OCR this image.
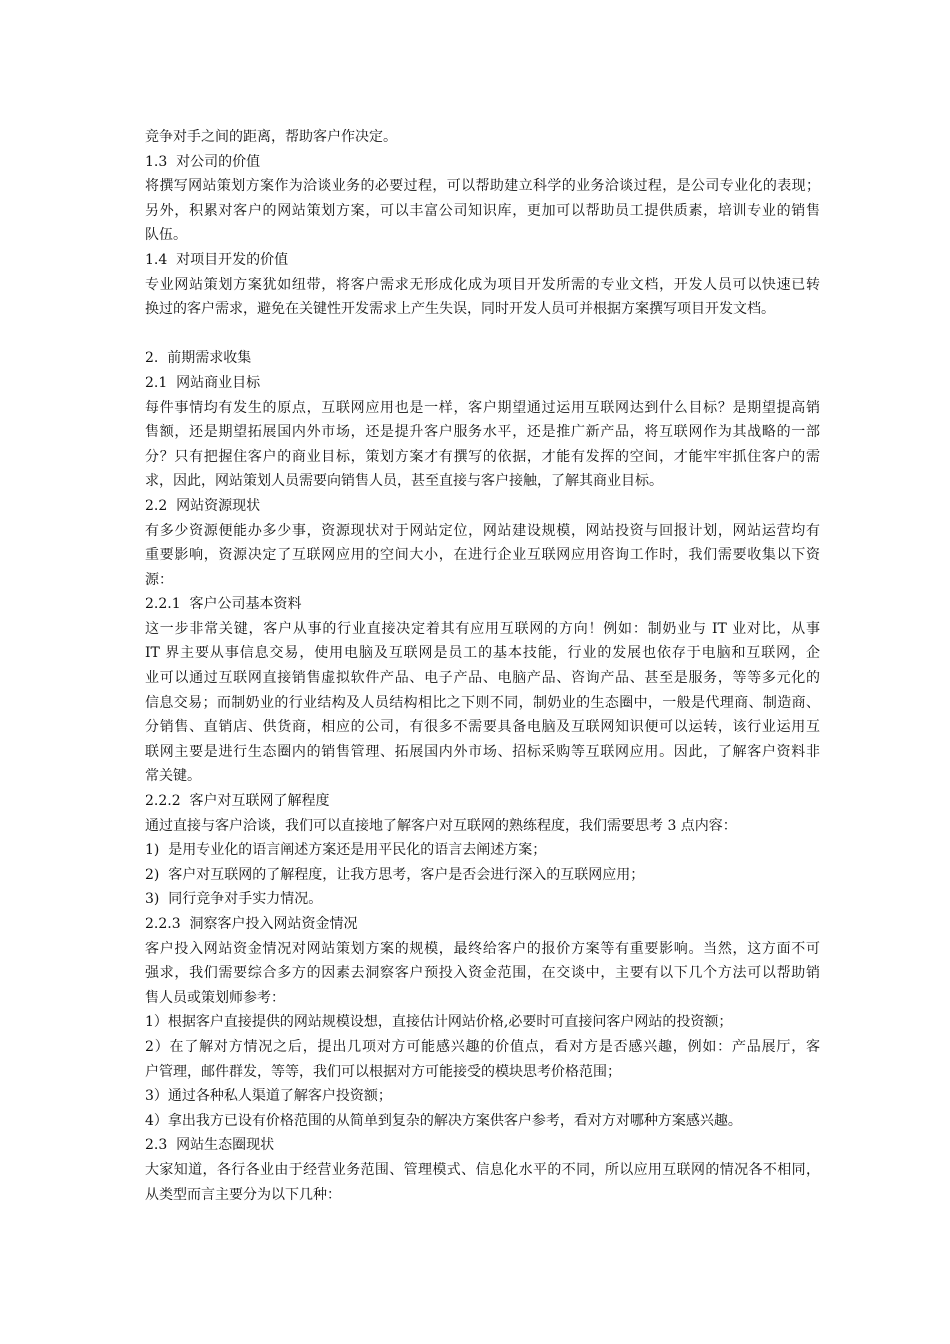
竞争对手之间的距离，帮助客户作决定。
1.3  对公司的价值
将撰写网站策划方案作为洽谈业务的必要过程，可以帮助建立科学的业务洽谈过程，是公司专业化的表现；
另外，积累对客户的网站策划方案，可以丰富公司知识库，更加可以帮助员工提供质素，培训专业的销售
队伍。
1.4  对项目开发的价值
专业网站策划方案犹如纽带，将客户需求无形成化成为项目开发所需的专业文档，开发人员可以快速已转
换过的客户需求，避免在关键性开发需求上产生失误，同时开发人员可并根据方案撰写项目开发文档。
2.  前期需求收集
2.1  网站商业目标
每件事情均有发生的原点，互联网应用也是一样，客户期望通过运用互联网达到什么目标？是期望提高销
售额，还是期望拓展国内外市场，还是提升客户服务水平，还是推广新产品，将互联网作为其战略的一部
分？只有把握住客户的商业目标，策划方案才有撰写的依据，才能有发挥的空间，才能牢牢抓住客户的需
求，因此，网站策划人员需要向销售人员，甚至直接与客户接触，了解其商业目标。
2.2  网站资源现状
有多少资源便能办多少事，资源现状对于网站定位，网站建设规模，网站投资与回报计划，网站运营均有
重要影响，资源决定了互联网应用的空间大小，在进行企业互联网应用咨询工作时，我们需要收集以下资
源：
2.2.1  客户公司基本资料
这一步非常关键，客户从事的行业直接决定着其有应用互联网的方向！例如：制奶业与 IT 业对比，从事
IT 界主要从事信息交易，使用电脑及互联网是员工的基本技能，行业的发展也依存于电脑和互联网，企
业可以通过互联网直接销售虚拟软件产品、电子产品、电脑产品、咨询产品、甚至是服务，等等多元化的
信息交易；而制奶业的行业结构及人员结构相比之下则不同，制奶业的生态圈中，一般是代理商、制造商、
分销售、直销店、供货商，相应的公司，有很多不需要具备电脑及互联网知识便可以运转，该行业运用互
联网主要是进行生态圈内的销售管理、拓展国内外市场、招标采购等互联网应用。因此，了解客户资料非
常关键。
2.2.2  客户对互联网了解程度
通过直接与客户洽谈，我们可以直接地了解客户对互联网的熟练程度，我们需要思考 3 点内容：
1)  是用专业化的语言阐述方案还是用平民化的语言去阐述方案；
2)  客户对互联网的了解程度，让我方思考，客户是否会进行深入的互联网应用；
3)  同行竞争对手实力情况。
2.2.3  洞察客户投入网站资金情况
客户投入网站资金情况对网站策划方案的规模，最终给客户的报价方案等有重要影响。当然，这方面不可
强求，我们需要综合多方的因素去洞察客户预投入资金范围，在交谈中，主要有以下几个方法可以帮助销
售人员或策划师参考：
1）根据客户直接提供的网站规模设想，直接估计网站价格,必要时可直接问客户网站的投资额；
2）在了解对方情况之后，提出几项对方可能感兴趣的价值点，看对方是否感兴趣，例如：产品展厅，客
户管理，邮件群发，等等，我们可以根据对方可能接受的模块思考价格范围；
3）通过各种私人渠道了解客户投资额；
4）拿出我方已设有价格范围的从简单到复杂的解决方案供客户参考，看对方对哪种方案感兴趣。
2.3  网站生态圈现状
大家知道，各行各业由于经营业务范围、管理模式、信息化水平的不同，所以应用互联网的情况各不相同，
从类型而言主要分为以下几种：
